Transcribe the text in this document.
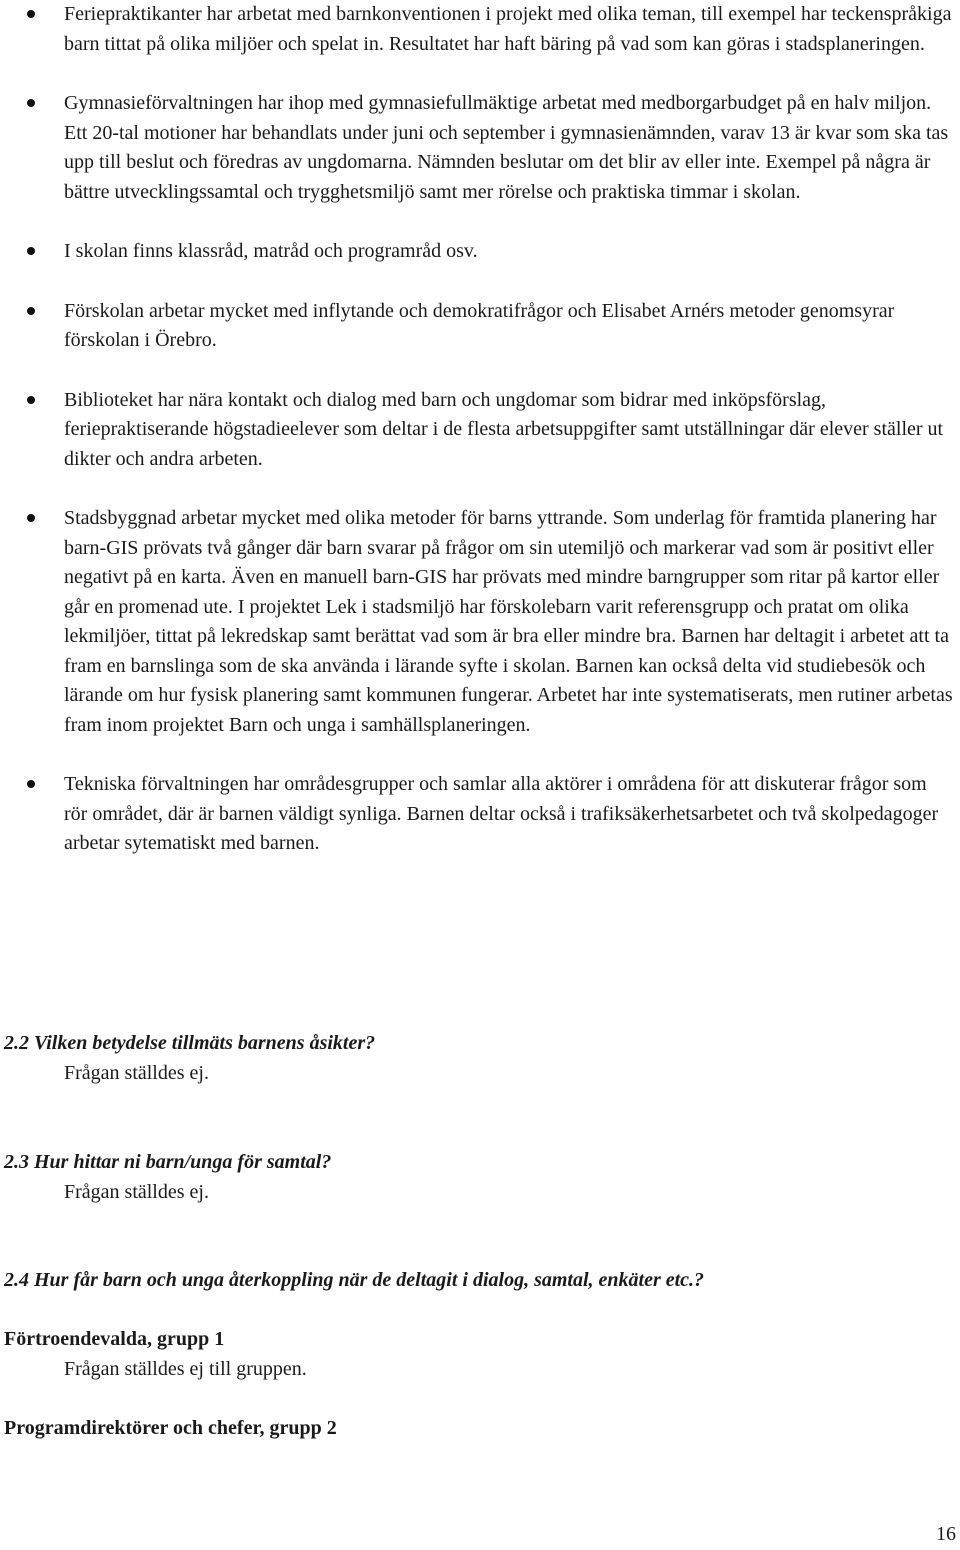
Feriepraktikanter har arbetat med barnkonventionen i projekt med olika teman, till exempel har teckenspråkiga barn tittat på olika miljöer och spelat in. Resultatet har haft bäring på vad som kan göras i stadsplaneringen.
Gymnasieförvaltningen har ihop med gymnasiefullmäktige arbetat med medborgarbudget på en halv miljon. Ett 20-tal motioner har behandlats under juni och september i gymnasienämnden, varav 13 är kvar som ska tas upp till beslut och föredras av ungdomarna. Nämnden beslutar om det blir av eller inte. Exempel på några är bättre utvecklingssamtal och trygghetsmiljö samt mer rörelse och praktiska timmar i skolan.
I skolan finns klassråd, matråd och programråd osv.
Förskolan arbetar mycket med inflytande och demokratifrågor och Elisabet Arnérs metoder genomsyrar förskolan i Örebro.
Biblioteket har nära kontakt och dialog med barn och ungdomar som bidrar med inköpsförslag, feriepraktiserande högstadieelever som deltar i de flesta arbetsuppgifter samt utställningar där elever ställer ut dikter och andra arbeten.
Stadsbyggnad arbetar mycket med olika metoder för barns yttrande. Som underlag för framtida planering har barn-GIS prövats två gånger där barn svarar på frågor om sin utemiljö och markerar vad som är positivt eller negativt på en karta. Även en manuell barn-GIS har prövats med mindre barngrupper som ritar på kartor eller går en promenad ute. I projektet Lek i stadsmiljö har förskolebarn varit referensgrupp och pratat om olika lekmiljöer, tittat på lekredskap samt berättat vad som är bra eller mindre bra. Barnen har deltagit i arbetet att ta fram en barnslinga som de ska använda i lärande syfte i skolan. Barnen kan också delta vid studiebesök och lärande om hur fysisk planering samt kommunen fungerar. Arbetet har inte systematiserats, men rutiner arbetas fram inom projektet Barn och unga i samhällsplaneringen.
Tekniska förvaltningen har områdesgrupper och samlar alla aktörer i områdena för att diskuterar frågor som rör området, där är barnen väldigt synliga. Barnen deltar också i trafiksäkerhetsarbetet och två skolpedagoger arbetar sytematiskt med barnen.
2.2 Vilken betydelse tillmäts barnens åsikter?
Frågan ställdes ej.
2.3 Hur hittar ni barn/unga för samtal?
Frågan ställdes ej.
2.4 Hur får barn och unga återkoppling när de deltagit i dialog, samtal, enkäter etc.?
Förtroendevalda, grupp 1
Frågan ställdes ej till gruppen.
Programdirektörer och chefer, grupp 2
16
